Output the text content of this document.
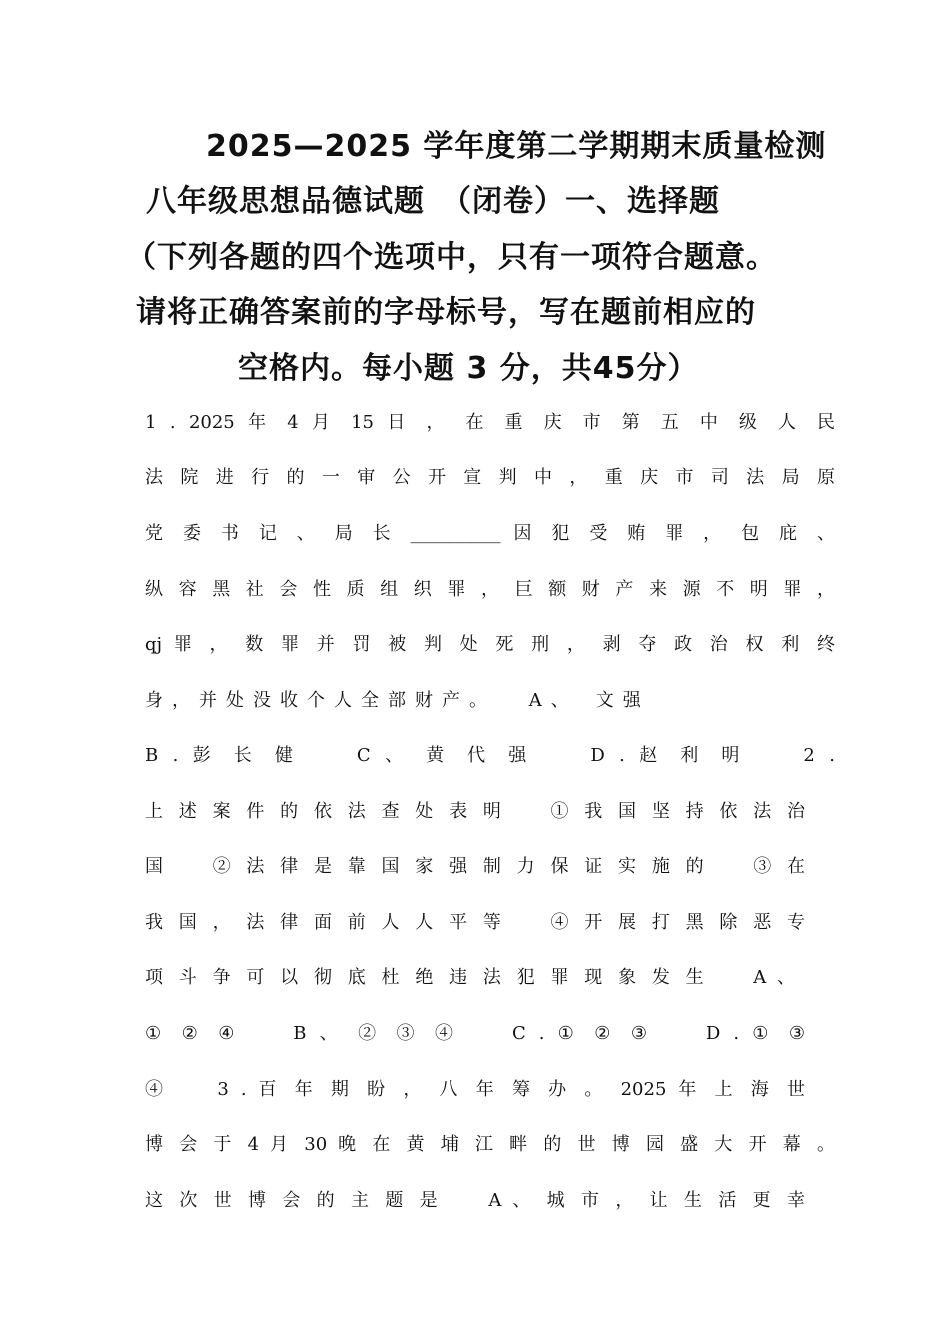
2025—2025 学年度第二学期期末质量检测
八年级思想品德试题　（闭卷）一、选择题
（下列各题的四个选项中，只有一项符合题意。
请将正确答案前的字母标号，写在题前相应的
空格内。每小题 3 分，共45分）
1 . 2025 年 4 月 15 日 ， 在 重 庆 市 第 五 中 级 人 民
法 院 进 行 的 一 审 公 开 宣 判 中 ， 重 庆 市 司 法 局 原
党 委 书 记 、 局 长 __________ 因 犯 受 贿 罪 ， 包 庇 、
纵 容 黑 社 会 性 质 组 织 罪 ， 巨 额 财 产 来 源 不 明 罪 ，
qj 罪 ， 数 罪 并 罚 被 判 处 死 刑 ， 剥 夺 政 治 权 利 终
身，并处没收个人全部财产。　 A、　文强
B . 彭 长 健 　 C 、 黄 代 强 　 D . 赵 利 明 　 2 .
上 述 案 件 的 依 法 查 处 表 明 　 ① 我 国 坚 持 依 法 治
国 　 ② 法 律 是 靠 国 家 强 制 力 保 证 实 施 的 　 ③ 在
我 国 ， 法 律 面 前 人 人 平 等 　 ④ 开 展 打 黑 除 恶 专
项 斗 争 可 以 彻 底 杜 绝 违 法 犯 罪 现 象 发 生 　 A 、
① ② ④ 　 B 、 ② ③ ④ 　 C . ① ② ③ 　 D . ① ③
④ 　 3 . 百 年 期 盼 ， 八 年 筹 办 。 2025 年 上 海 世
博 会 于 4 月 30 晚 在 黄 埔 江 畔 的 世 博 园 盛 大 开 幕 。
这 次 世 博 会 的 主 题 是 　 A 、 城 市 ， 让 生 活 更 幸
